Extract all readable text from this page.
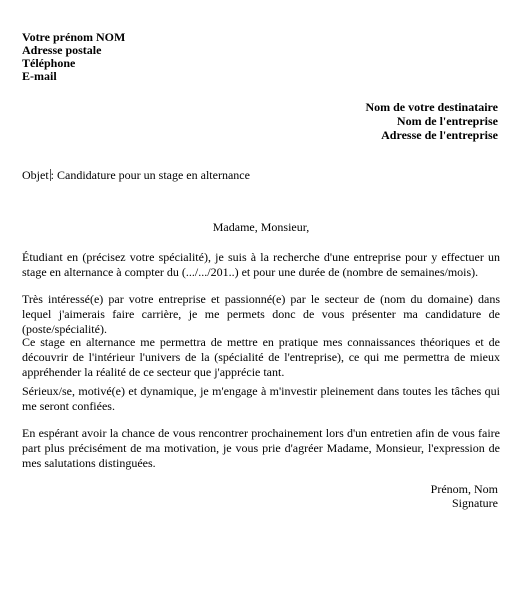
Votre prénom NOM
Adresse postale
Téléphone
E-mail
Nom de votre destinataire
Nom de l'entreprise
Adresse de l'entreprise
Objet : Candidature pour un stage en alternance
Madame, Monsieur,
Étudiant en (précisez votre spécialité), je suis à la recherche d'une entreprise pour y effectuer un stage en alternance à compter du (.../.../201..) et pour une durée de (nombre de semaines/mois).
Très intéressé(e) par votre entreprise et passionné(e) par le secteur de (nom du domaine) dans lequel j'aimerais faire carrière, je me permets donc de vous présenter ma candidature de (poste/spécialité).
Ce stage en alternance me permettra de mettre en pratique mes connaissances théoriques et de découvrir de l'intérieur l'univers de la (spécialité de l'entreprise), ce qui me permettra de mieux appréhender la réalité de ce secteur que j'apprécie tant.
Sérieux/se, motivé(e) et dynamique, je m'engage à m'investir pleinement dans toutes les tâches qui me seront confiées.
En espérant avoir la chance de vous rencontrer prochainement lors d'un entretien afin de vous faire part plus précisément de ma motivation, je vous prie d'agréer Madame, Monsieur, l'expression de mes salutations distinguées.
Prénom, Nom
Signature
